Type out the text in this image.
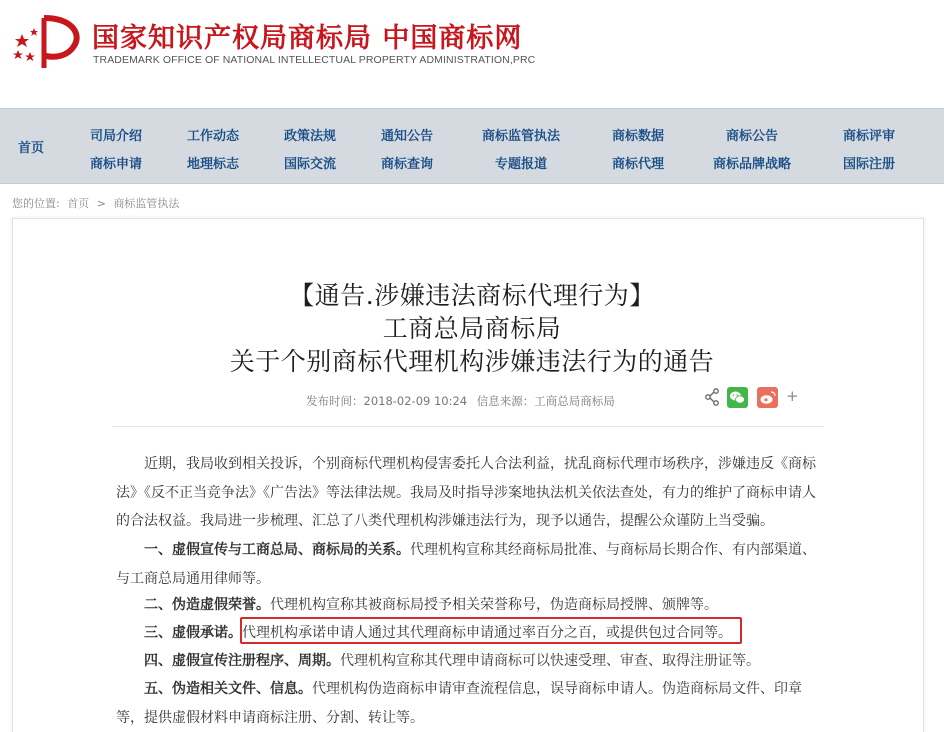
国家知识产权局商标局 中国商标网
TRADEMARK OFFICE OF NATIONAL INTELLECTUAL PROPERTY ADMINISTRATION,PRC
首页
司局介绍
商标申请
工作动态
地理标志
政策法规
国际交流
通知公告
商标查询
商标监管执法
专题报道
商标数据
商标代理
商标公告
商标品牌战略
商标评审
国际注册
您的位置: 首页 > 商标监管执法
【通告.涉嫌违法商标代理行为】
工商总局商标局
关于个别商标代理机构涉嫌违法行为的通告
发布时间：2018-02-09 10:24 信息来源：工商总局商标局	+

近期，我局收到相关投诉，个别商标代理机构侵害委托人合法利益，扰乱商标代理市场秩序，涉嫌违反《商标法》《反不正当竞争法》《广告法》等法律法规。我局及时指导涉案地执法机关依法查处，有力的维护了商标申请人的合法权益。我局进一步梳理、汇总了八类代理机构涉嫌违法行为，现予以通告，提醒公众谨防上当受骗。

一、虚假宣传与工商总局、商标局的关系。代理机构宣称其经商标局批准、与商标局长期合作、有内部渠道、与工商总局通用律师等。

二、伪造虚假荣誉。代理机构宣称其被商标局授予相关荣誉称号，伪造商标局授牌、颁牌等。

三、虚假承诺。代理机构承诺申请人通过其代理商标申请通过率百分之百，或提供包过合同等。

四、虚假宣传注册程序、周期。代理机构宣称其代理申请商标可以快速受理、审查、取得注册证等。

五、伪造相关文件、信息。代理机构伪造商标申请审查流程信息，误导商标申请人。伪造商标局文件、印章等，提供虚假材料申请商标注册、分割、转让等。
